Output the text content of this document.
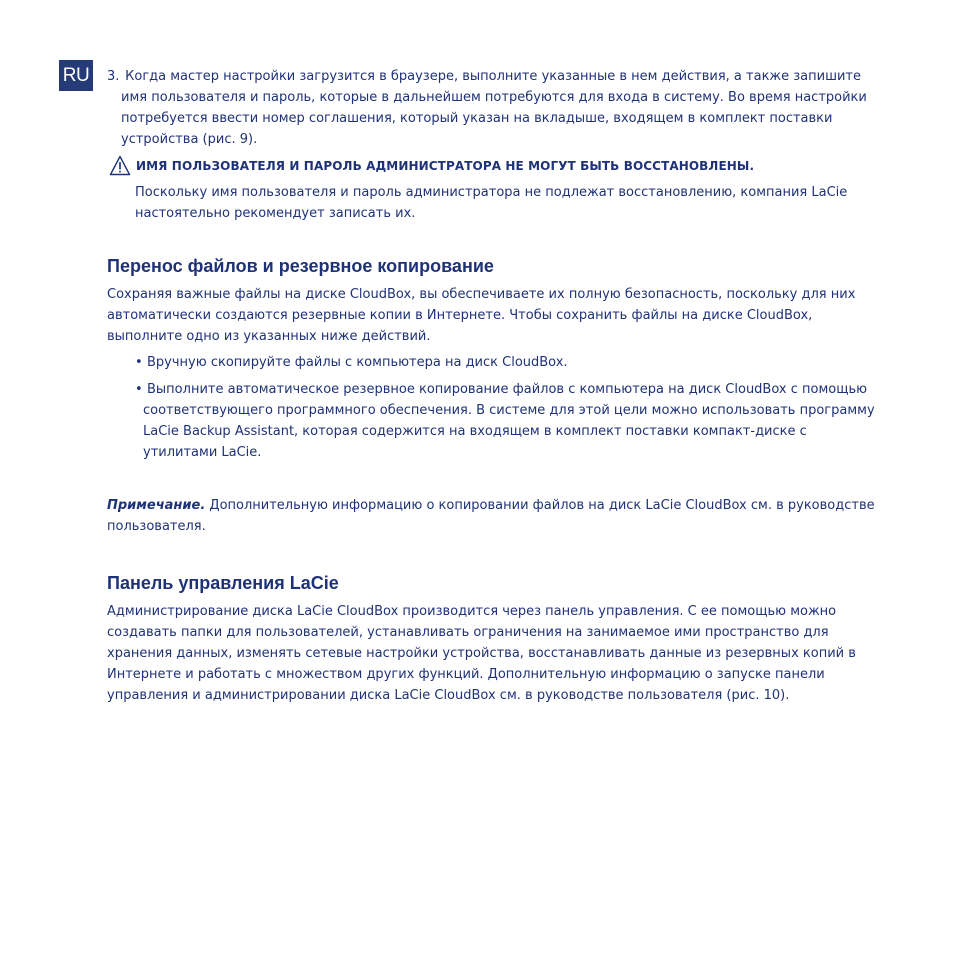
RU 3. Когда мастер настройки загрузится в браузере, выполните указанные в нем действия, а также запишите
имя пользователя и пароль, которые в дальнейшем потребуются для входа в систему. Во время настройки
потребуется ввести номер соглашения, который указан на вкладыше, входящем в комплект поставки
устройства (рис. 9).
ИМЯ ПОЛЬЗОВАТЕЛЯ И ПАРОЛЬ АДМИНИСТРАТОРА НЕ МОГУТ БЫТЬ ВОССТАНОВЛЕНЫ.
Поскольку имя пользователя и пароль администратора не подлежат восстановлению, компания LaCie
настоятельно рекомендует записать их.
Перенос файлов и резервное копирование
Сохраняя важные файлы на диске CloudBox, вы обеспечиваете их полную безопасность, поскольку для них
автоматически создаются резервные копии в Интернете. Чтобы сохранить файлы на диске CloudBox,
выполните одно из указанных ниже действий.
• Вручную скопируйте файлы с компьютера на диск CloudBox.
• Выполните автоматическое резервное копирование файлов с компьютера на диск CloudBox с помощью
соответствующего программного обеспечения. В системе для этой цели можно использовать программу
LaCie Backup Assistant, которая содержится на входящем в комплект поставки компакт-диске с
утилитами LaCie.
Примечание. Дополнительную информацию о копировании файлов на диск LaCie CloudBox см. в руководстве
пользователя.
Панель управления LaCie
Администрирование диска LaCie CloudBox производится через панель управления. С ее помощью можно
создавать папки для пользователей, устанавливать ограничения на занимаемое ими пространство для
хранения данных, изменять сетевые настройки устройства, восстанавливать данные из резервных копий в
Интернете и работать с множеством других функций. Дополнительную информацию о запуске панели
управления и администрировании диска LaCie CloudBox см. в руководстве пользователя (рис. 10).
